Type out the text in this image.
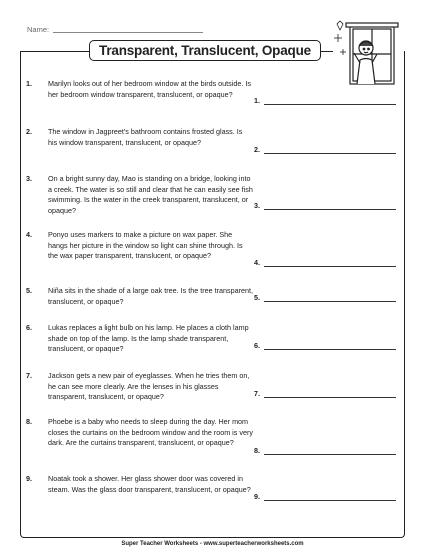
Name:
Transparent, Translucent, Opaque
1.	Marilyn looks out of her bedroom window at the birds outside. Is her bedroom window transparent, translucent, or opaque?
1.
2.	The window in Jagpreet's bathroom contains frosted glass. Is his window transparent, translucent, or opaque?
2.
3.	On a bright sunny day, Mao is standing on a bridge, looking into a creek. The water is so still and clear that he can easily see fish swimming. Is the water in the creek transparent, translucent, or opaque?	3.
4.	Ponyo uses markers to make a picture on wax paper. She hangs her picture in the window so light can shine through. Is the wax paper transparent, translucent, or opaque?
4.
5.	Niña sits in the shade of a large oak tree. Is the tree transparent, translucent, or opaque?	5.
6.	Lukas replaces a light bulb on his lamp. He places a cloth lamp shade on top of the lamp. Is the lamp shade transparent, translucent, or opaque?	6.
7.	Jackson gets a new pair of eyeglasses. When he tries them on, he can see more clearly. Are the lenses in his glasses transparent, translucent, or opaque?	7.
8.	Phoebe is a baby who needs to sleep during the day. Her mom closes the curtains on the bedroom window and the room is very dark. Are the curtains transparent, translucent, or opaque?
8.
9.	Noatak took a shower. Her glass shower door was covered in steam. Was the glass door transparent, translucent, or opaque?
9.
Super Teacher Worksheets - www.superteacherworksheets.com
